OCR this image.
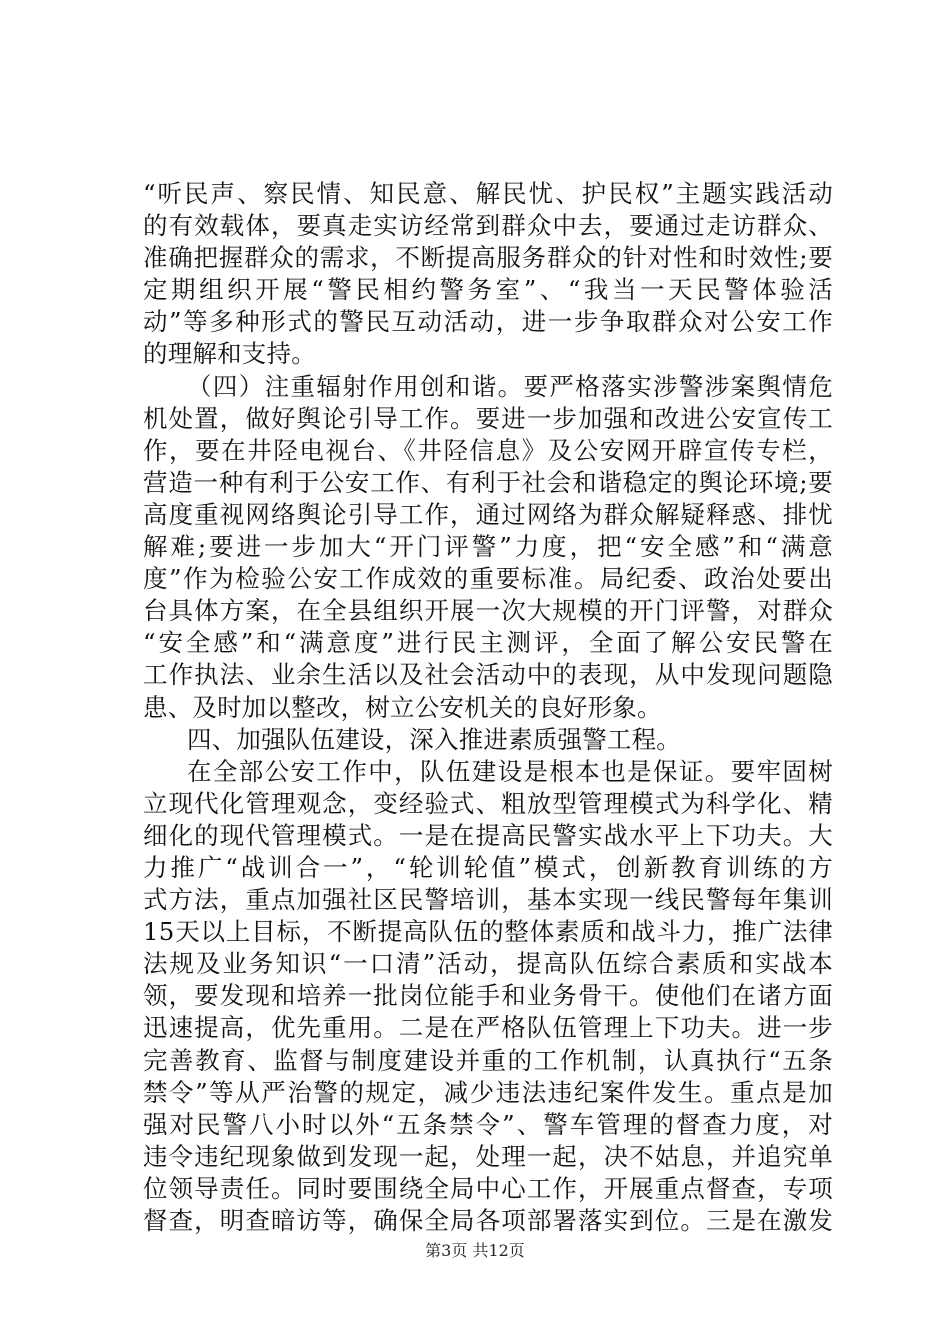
“听民声、察民情、知民意、解民忧、护民权”主题实践活动
的有效载体，要真走实访经常到群众中去，要通过走访群众、
准确把握群众的需求，不断提高服务群众的针对性和时效性;要
定期组织开展“警民相约警务室”、“我当一天民警体验活
动”等多种形式的警民互动活动，进一步争取群众对公安工作
的理解和支持。
（四）注重辐射作用创和谐。要严格落实涉警涉案舆情危
机处置，做好舆论引导工作。要进一步加强和改进公安宣传工
作，要在井陉电视台、《井陉信息》及公安网开辟宣传专栏，
营造一种有利于公安工作、有利于社会和谐稳定的舆论环境;要
高度重视网络舆论引导工作，通过网络为群众解疑释惑、排忧
解难;要进一步加大“开门评警”力度，把“安全感”和“满意
度”作为检验公安工作成效的重要标准。局纪委、政治处要出
台具体方案，在全县组织开展一次大规模的开门评警，对群众
“安全感”和“满意度”进行民主测评，全面了解公安民警在
工作执法、业余生活以及社会活动中的表现，从中发现问题隐
患、及时加以整改，树立公安机关的良好形象。
四、加强队伍建设，深入推进素质强警工程。
在全部公安工作中，队伍建设是根本也是保证。要牢固树
立现代化管理观念，变经验式、粗放型管理模式为科学化、精
细化的现代管理模式。一是在提高民警实战水平上下功夫。大
力推广“战训合一”，“轮训轮值”模式，创新教育训练的方
式方法，重点加强社区民警培训，基本实现一线民警每年集训
15天以上目标，不断提高队伍的整体素质和战斗力，推广法律
法规及业务知识“一口清”活动，提高队伍综合素质和实战本
领，要发现和培养一批岗位能手和业务骨干。使他们在诸方面
迅速提高，优先重用。二是在严格队伍管理上下功夫。进一步
完善教育、监督与制度建设并重的工作机制，认真执行“五条
禁令”等从严治警的规定，减少违法违纪案件发生。重点是加
强对民警八小时以外“五条禁令”、警车管理的督查力度，对
违令违纪现象做到发现一起，处理一起，决不姑息，并追究单
位领导责任。同时要围绕全局中心工作，开展重点督查，专项
督查，明查暗访等，确保全局各项部署落实到位。三是在激发
第3页 共12页
